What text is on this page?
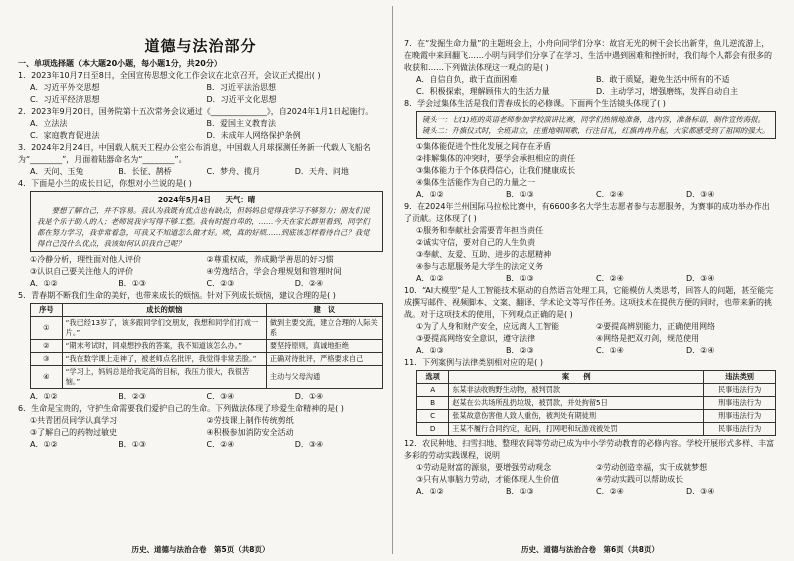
道德与法治部分
一、单项选择题（本大题20小题，每小题1分，共20分）
1．2023年10月7日至8日，全国宣传思想文化工作会议在北京召开，会议正式提出( )
A．习近平外交思想	B．习近平法治思想
C．习近平经济思想	D．习近平文化思想
2．2023年9月20日，国务院第十五次常务会议通过《______________》，自2024年1月1日起施行。
A．立法法	B．爱国主义教育法
C．家庭教育促进法	D．未成年人网络保护条例
3．2024年2月24日，中国载人航天工程办公室公布消息，中国载人月球探测任务新一代载人飞船名为“________”，月面着陆器命名为“________”。
A．天问、玉兔	B．长征、鹊桥	C．梦舟、揽月	D．天舟、问地
4．下面是小兰的成长日记，你想对小兰说的是( )
2024年5月4日　　天气：晴
　　要想了解自己，并不容易。我认为我既有优点也有缺点，但妈妈总觉得我学习不够努力；朋友们说我是个乐于助人的人；老师说我字写得不够工整。我有时挺自卑的，……今天在家长群里看到，同学们都在努力学习，我非常着急，可我又不知道怎么做才好。唉，真的好烦……到底该怎样看待自己？我觉得自己没什么优点，我该如何认识我自己呢？
①冷静分析，理性面对他人评价	②尊重权威，养成勤学善思的好习惯
③认识自己要关注他人的评价	④劳逸结合，学会合理规划和管理时间
A．①②	B．①③	C．②③	D．②④
5．青春期不断我们生命的美好，也带来成长的烦恼。针对下列成长烦恼，建议合理的是( )
序号	成长的烦恼	建　议
①	“我已经13岁了，该多跟同学们交朋友，我想和同学们打成一片。”	做到主要交流，建立合理的人际关系
②	“期末考试时，同桌想抄我的答案，我不知道该怎么办。”	要坚持原则，真诚地拒绝
③	“我在数学课上走神了，被老师点名批评，我觉得非常丢脸。”	正确对待批评，严格要求自己
④	“学习上，妈妈总是给我定高的目标，我压力很大，我很苦恼。”	主动与父母沟通
A．①②	B．②③	C．③④	D．①④
6．生命是宝贵的，守护生命需要我们爱护自己的生命。下列做法体现了珍爱生命精神的是( )
①共青团员同学认真学习	②劳技课上制作传统剪纸
③了解自己的药物过敏史	④积极参加消防安全活动
A．①②	B．①③	C．②④	D．③④
历史、道德与法治合卷　第5页（共8页）
7．在“发掘生命力量”的主题班会上，小舟向同学们分享：故宫无光的树干会长出新芽，鱼儿逆流游上，在晚霞中来回翻飞……小明与同学们分享了在学习、生活中遇到困难和挫折时，我们每个人都会有很多的收获和……下列做法体现这一观点的是( )
A．自信自负，敢于直面困难	B．敢于质疑，避免生活中所有的不适
C．积极探索，理解顾伟大的生活力量	D．主动学习，增强磨练，发挥自动自主
8．学会过集体生活是我们青春成长的必修课。下面两个生活镜头体现了( )
镜头一：七(1)班的英语老师参加学校演讲比赛，同学们热情地准备，选内容，准备标语，制作宣传海报。
镜头二：升旗仪式时，全班肃立，庄重地唱国歌，行注目礼，红旗冉冉升起，大家都感受到了祖国的强大。
①集体能促进个性化发展之间存在矛盾
②排解集体的冲突时，要学会承担相应的责任
③集体能力于个体获得信心，让我们健康成长
④集体生活能作为自己的力量之一
A．①②	B．①③	C．②④	D．③④
9．在2024年兰州国际马拉松比赛中，有6600多名大学生志愿者参与志愿服务，为赛事的成功举办作出了贡献。这体现了( )
①服务和奉献社会需要青年担当责任
②诚实守信，要对自己的人生负责
③奉献、友爱、互助、进步的志愿精神
④参与志愿服务是大学生的法定义务
A．①②	B．①③	C．②④	D．③④
10．“AI大模型”是人工智能技术驱动的自然语言处理工具，它能模仿人类思考，回答人的问题，甚至能完成撰写邮件、视频脚本、文案、翻译、学术论文等写作任务。这项技术在提供方便的同时，也带来新的挑战。对于这项技术的使用，下列观点正确的是( )
①为了人身和财产安全，应远离人工智能	②要提高辨别能力，正确使用网络
③要提高网络安全意识，遵守法律	④网络是把双刃剑，规范使用
A．①③	B．②③	C．①④	D．②④
11．下列案例与法律类别相对应的是( )
选项	案　　例	违法类别
A	东某非法收购野生动物，被判罚款	民事违法行为
B	赵某在公共场所乱扔垃圾，被罚款，并处拘留5日	刑事违法行为
C	张某故意伤害他人致人重伤，被判处有期徒刑	刑事违法行为
D	王某不履行合同约定，起码，打网吧和玩游戏被处罚	民事违法行为
12．农民种地、扫雪扫地、整理农间等劳动已成为中小学劳动教育的必修内容。学校开展形式多样、丰富多彩的劳动实践课程，说明
①劳动是财富的源泉，要增强劳动观念	②劳动创造幸福，实干成就梦想
③只有从事脑力劳动，才能体现人生价值	④劳动实践可以帮助成长
A．①②	B．①③	C．②④	D．③④
历史、道德与法治合卷　第6页（共8页）
